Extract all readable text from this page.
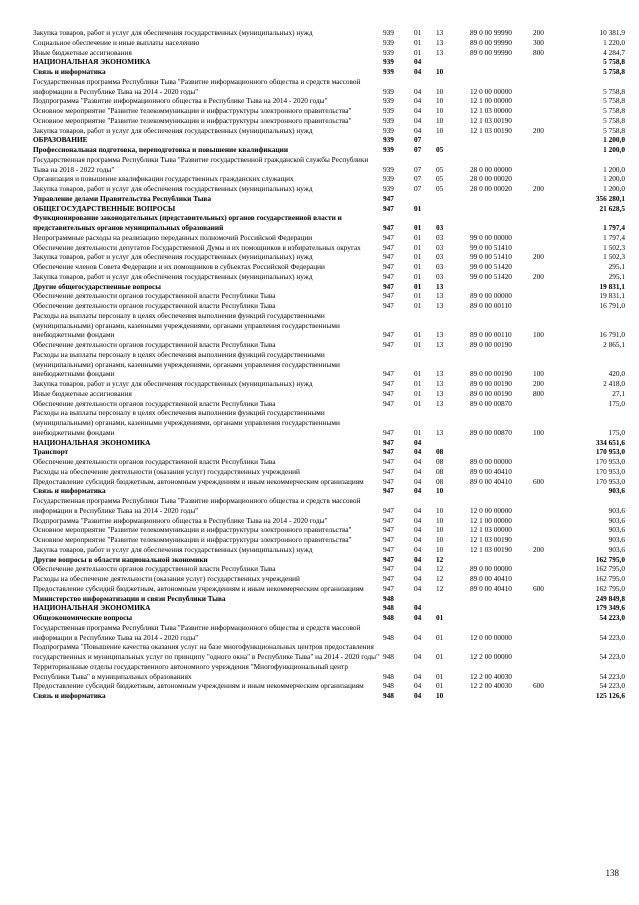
Закупка товаров, работ и услуг для обеспечения государственных (муниципальных) нужд	939	01	13	89 0 00 99990	200	10 381,9
Социальное обеспечение и иные выплаты населению	939	01	13	89 0 00 99990	300	1 220,0
Иные бюджетные ассигнования	939	01	13	89 0 00 99990	800	4 284,7
НАЦИОНАЛЬНАЯ ЭКОНОМИКА	939	04				5 758,8
Связь и информатика	939	04	10			5 758,8
Государственная программа Республики Тыва "Развитие информационного общества и средств массовой информации в Республике Тыва на 2014 - 2020 годы"	939	04	10	12 0 00 00000		5 758,8
Подпрограмма "Развитие информационного общества в Республике Тыва на 2014 - 2020 годы"	939	04	10	12 1 00 00000		5 758,8
Основное мероприятие "Развитие телекоммуникации и инфраструктуры электронного правительства"	939	04	10	12 1 03 00000		5 758,8
Основное мероприятие "Развитие телекоммуникации и инфраструктуры электронного правительства"	939	04	10	12 1 03 00190		5 758,8
Закупка товаров, работ и услуг для обеспечения государственных (муниципальных) нужд	939	04	10	12 1 03 00190	200	5 758,8
ОБРАЗОВАНИЕ	939	07				1 200,0
Профессиональная подготовка, переподготовка и повышение квалификации	939	07	05			1 200,0
Государственная программа Республики Тыва "Развитие государственной гражданской службы Республики Тыва на 2018 - 2022 годы"	939	07	05	28 0 00 00000		1 200,0
Организация и повышение квалификации государственных гражданских служащих	939	07	05	28 0 00 00020		1 200,0
Закупка товаров, работ и услуг для обеспечения государственных (муниципальных) нужд	939	07	05	28 0 00 00020	200	1 200,0
Управление делами Правительства Республики Тыва	947					356 280,1
ОБЩЕГОСУДАРСТВЕННЫЕ ВОПРОСЫ	947	01				21 628,5
Функционирование законодательных (представительных) органов государственной власти и представительных органов муниципальных образований	947	01	03			1 797,4
Непрограммные расходы на реализацию переданных полномочий Российской Федерации	947	01	03	99 0 00 00000		1 797,4
Обеспечение деятельности депутатов Государственной Думы и их помощников в избирательных округах	947	01	03	99 0 00 51410		1 502,3
Закупка товаров, работ и услуг для обеспечения государственных (муниципальных) нужд	947	01	03	99 0 00 51410	200	1 502,3
Обеспечение членов Совета Федерации и их помощников в субъектах Российской Федерации	947	01	03	99 0 00 51420		295,1
Закупка товаров, работ и услуг для обеспечения государственных (муниципальных) нужд	947	01	03	99 0 00 51420	200	295,1
Другие общегосударственные вопросы	947	01	13			19 831,1
Обеспечение деятельности органов государственной власти Республики Тыва	947	01	13	89 0 00 00000		19 831,1
Обеспечение деятельности органов государственной власти Республики Тыва	947	01	13	89 0 00 00110		16 791,0
Расходы на выплаты персоналу в целях обеспечения выполнения функций государственными (муниципальными) органами, казенными учреждениями, органами управления государственными внебюджетными фондами	947	01	13	89 0 00 00110	100	16 791,0
Обеспечение деятельности органов государственной власти Республики Тыва	947	01	13	89 0 00 00190		2 865,1
Расходы на выплаты персоналу в целях обеспечения выполнения функций государственными (муниципальными) органами, казенными учреждениями, органами управления государственными внебюджетными фондами	947	01	13	89 0 00 00190	100	420,0
Закупка товаров, работ и услуг для обеспечения государственных (муниципальных) нужд	947	01	13	89 0 00 00190	200	2 418,0
Иные бюджетные ассигнования	947	01	13	89 0 00 00190	800	27,1
Обеспечение деятельности органов государственной власти Республики Тыва	947	01	13	89 0 00 00870		175,0
Расходы на выплаты персоналу в целях обеспечения выполнения функций государственными (муниципальными) органами, казенными учреждениями, органами управления государственными внебюджетными фондами	947	01	13	89 0 00 00870	100	175,0
НАЦИОНАЛЬНАЯ ЭКОНОМИКА	947	04				334 651,6
Транспорт	947	04	08			170 953,0
Обеспечение деятельности органов государственной власти Республики Тыва	947	04	08	89 0 00 00000		170 953,0
Расходы на обеспечение деятельности (оказания услуг) государственных учреждений	947	04	08	89 0 00 40410		170 953,0
Предоставление субсидий бюджетным, автономным учреждениям и иным некоммерческим организациям	947	04	08	89 0 00 40410	600	170 953,0
Связь и информатика	947	04	10			903,6
Государственная программа Республики Тыва "Развитие информационного общества и средств массовой информации в Республике Тыва на 2014 - 2020 годы"	947	04	10	12 0 00 00000		903,6
Подпрограмма "Развитие информационного общества в Республике Тыва на 2014 - 2020 годы"	947	04	10	12 1 00 00000		903,6
Основное мероприятие "Развитие телекоммуникации и инфраструктуры электронного правительства"	947	04	10	12 1 03 00000		903,6
Основное мероприятие "Развитие телекоммуникации и инфраструктуры электронного правительства"	947	04	10	12 1 03 00190		903,6
Закупка товаров, работ и услуг для обеспечения государственных (муниципальных) нужд	947	04	10	12 1 03 00190	200	903,6
Другие вопросы в области национальной экономики	947	04	12			162 795,0
Обеспечение деятельности органов государственной власти Республики Тыва	947	04	12	89 0 00 00000		162 795,0
Расходы на обеспечение деятельности (оказания услуг) государственных учреждений	947	04	12	89 0 00 40410		162 795,0
Предоставление субсидий бюджетным, автономным учреждениям и иным некоммерческим организациям	947	04	12	89 0 00 40410	600	162 795,0
Министерство информатизации и связи Республики Тыва	948					249 849,8
НАЦИОНАЛЬНАЯ ЭКОНОМИКА	948	04				179 349,6
Общеэкономические вопросы	948	04	01			54 223,0
Государственная программа Республики Тыва "Развитие информационного общества и средств массовой информации в Республике Тыва на 2014 - 2020 годы"	948	04	01	12 0 00 00000		54 223,0
Подпрограмма "Повышение качества оказания услуг на базе многофункциональных центров предоставления государственных и муниципальных услуг по принципу "одного окна" в Республике Тыва" на 2014 - 2020 годы"	948	04	01	12 2 00 00000		54 223,0
Территориальные отделы государственного автономного учреждения "Многофункциональный центр Республики Тыва" в муниципальных образованиях	948	04	01	12 2 00 40030		54 223,0
Предоставление субсидий бюджетным, автономным учреждениям и иным некоммерческим организациям	948	04	01	12 2 00 40030	600	54 223,0
Связь и информатика	948	04	10			125 126,6
138
